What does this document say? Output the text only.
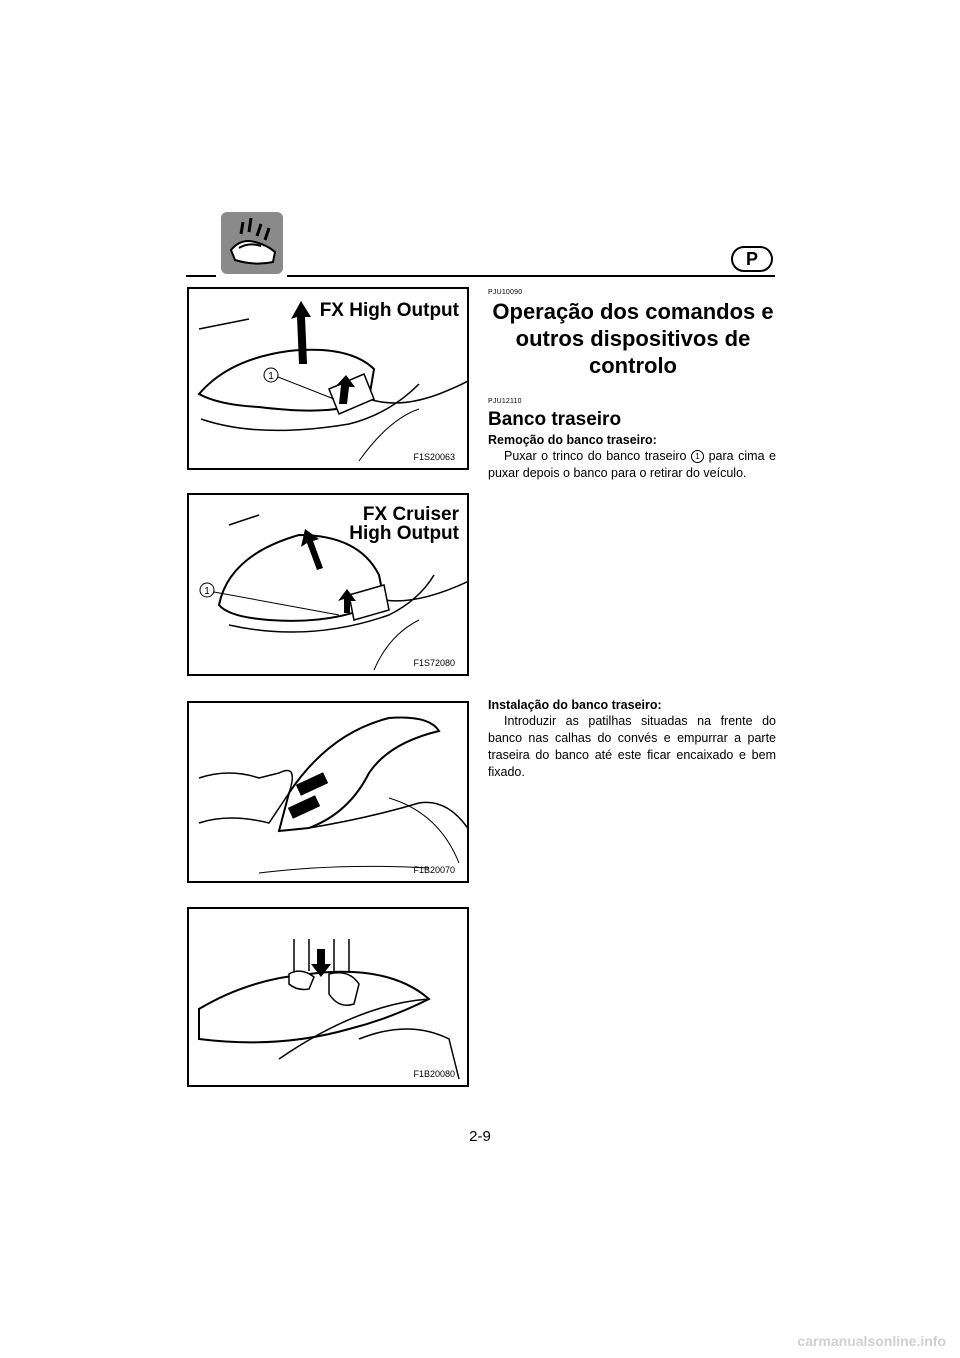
P
1
FX High Output
F1S20063
1
FX Cruiser
High Output
F1S72080
F1B20070
F1B20080
PJU10090
Operação dos comandos e outros dispositivos de controlo
PJU12110
Banco traseiro
Remoção do banco traseiro:
Puxar o trinco do banco traseiro 1 para cima e puxar depois o banco para o retirar do veículo.
Instalação do banco traseiro:
Introduzir as patilhas situadas na frente do banco nas calhas do convés e empurrar a parte traseira do banco até este ficar encaixado e bem fixado.
2-9
carmanualsonline.info
